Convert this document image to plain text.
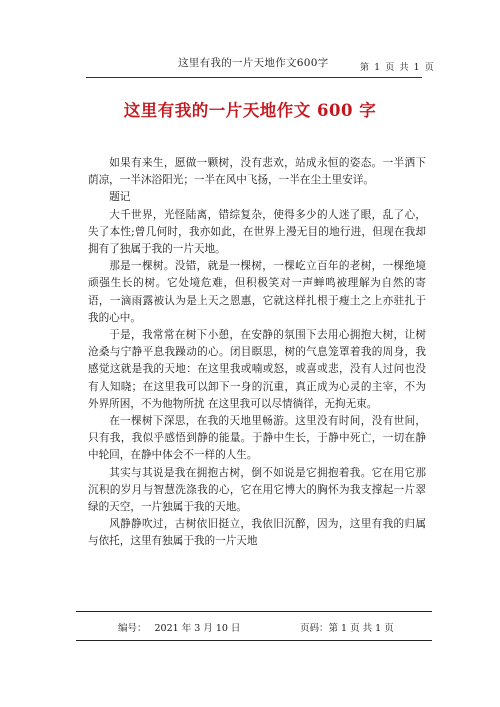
这里有我的一片天地作文600字	第 1 页 共 1 页
这里有我的一片天地作文 600 字

如果有来生，愿做一颗树，没有悲欢，站成永恒的姿态。一半洒下荫凉，一半沐浴阳光；一半在风中飞扬，一半在尘土里安详。

题记

大千世界，光怪陆离，错综复杂，使得多少的人迷了眼，乱了心，失了本性;曾几何时，我亦如此，在世界上漫无目的地行进，但现在我却拥有了独属于我的一片天地。

那是一棵树。没错，就是一棵树，一棵屹立百年的老树，一棵绝境顽强生长的树。它处境危难，但积极笑对一声蝉鸣被理解为自然的寄语，一滴雨露被认为是上天之恩惠，它就这样扎根于瘦土之上亦驻扎于我的心中。

于是，我常常在树下小憩，在安静的氛围下去用心拥抱大树，让树沧桑与宁静平息我躁动的心。闭目瞑思，树的气息笼罩着我的周身，我感觉这就是我的天地：在这里我或喃或怒，或喜或悲，没有人过问也没有人知晓；在这里我可以卸下一身的沉重，真正成为心灵的主宰，不为外界所困，不为他物所扰 在这里我可以尽情徜徉，无拘无束。

在一棵树下深思，在我的天地里畅游。这里没有时间，没有世间，只有我，我似乎感悟到静的能量。于静中生长，于静中死亡，一切在静中轮回，在静中体会不一样的人生。

其实与其说是我在拥抱古树，倒不如说是它拥抱着我。它在用它那沉积的岁月与智慧洗涤我的心，它在用它博大的胸怀为我支撑起一片翠绿的天空，一片独属于我的天地。

风静静吹过，古树依旧挺立，我依旧沉醉，因为，这里有我的归属与依托，这里有独属于我的一片天地

编号： 2021 年 3 月 10 日	页码：第 1 页 共 1 页
